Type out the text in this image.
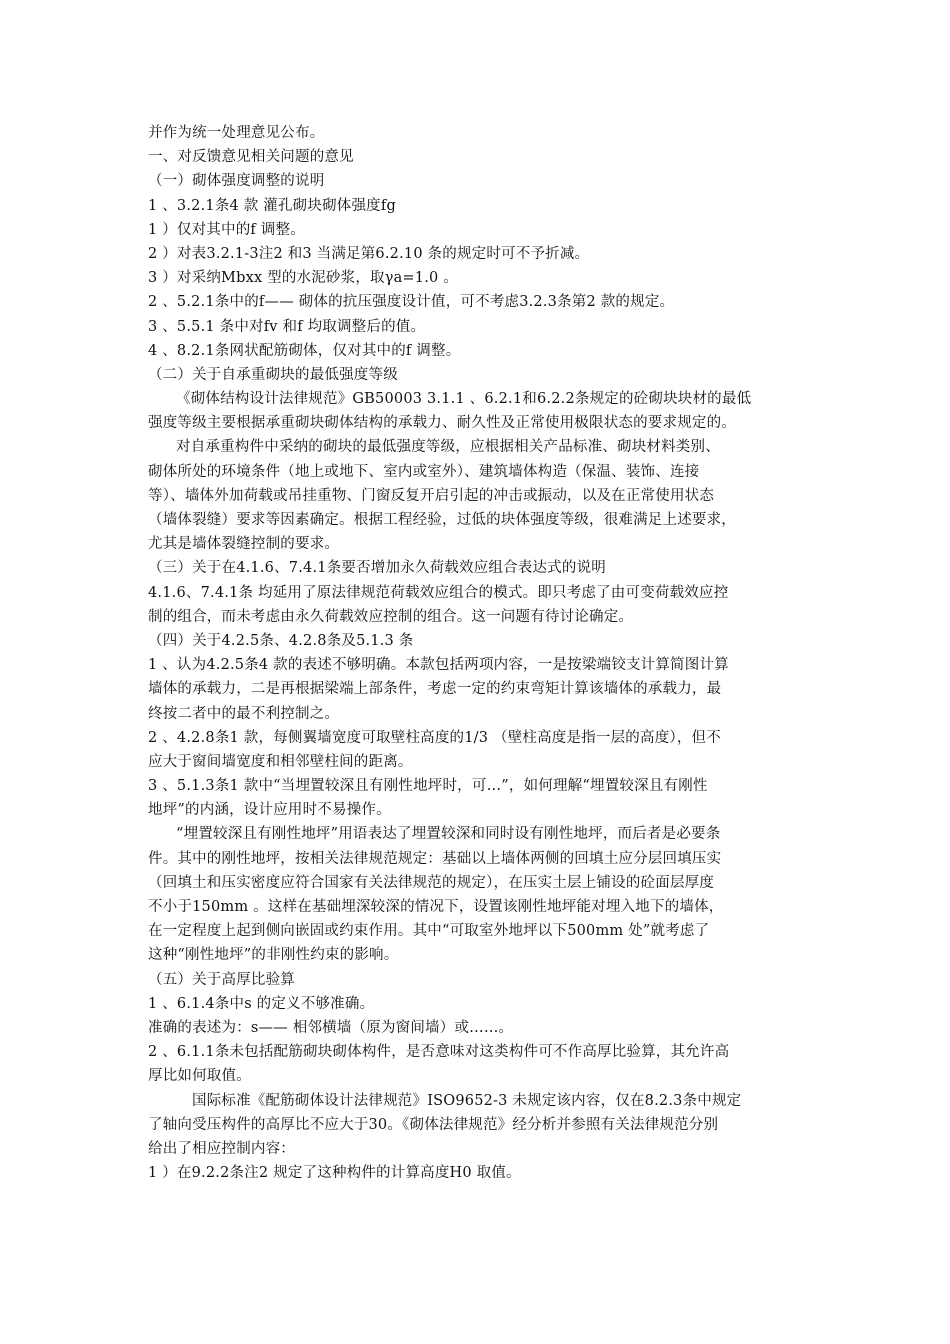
并作为统一处理意见公布。
一、对反馈意见相关问题的意见
（一）砌体强度调整的说明
1 、3.2.1条4 款 灌孔砌块砌体强度fg
1 ）仅对其中的f 调整。
2 ）对表3.2.1-3注2 和3 当满足第6.2.10 条的规定时可不予折减。
3 ）对采纳Mbxx 型的水泥砂浆，取γa=1.0 。
2 、5.2.1条中的f—— 砌体的抗压强度设计值，可不考虑3.2.3条第2 款的规定。
3 、5.5.1 条中对fv 和f 均取调整后的值。
4 、8.2.1条网状配筋砌体，仅对其中的f 调整。
（二）关于自承重砌块的最低强度等级
《砌体结构设计法律规范》GB50003 3.1.1 、6.2.1和6.2.2条规定的砼砌块块材的最低
强度等级主要根据承重砌块砌体结构的承载力、耐久性及正常使用极限状态的要求规定的。
对自承重构件中采纳的砌块的最低强度等级，应根据相关产品标准、砌块材料类别、
砌体所处的环境条件（地上或地下、室内或室外）、建筑墙体构造（保温、装饰、连接
等）、墙体外加荷载或吊挂重物、门窗反复开启引起的冲击或振动，以及在正常使用状态
（墙体裂缝）要求等因素确定。根据工程经验，过低的块体强度等级，很难满足上述要求，
尤其是墙体裂缝控制的要求。
（三）关于在4.1.6、7.4.1条要否增加永久荷载效应组合表达式的说明
4.1.6、7.4.1条 均延用了原法律规范荷载效应组合的模式。即只考虑了由可变荷载效应控
制的组合，而未考虑由永久荷载效应控制的组合。这一问题有待讨论确定。
（四）关于4.2.5条、4.2.8条及5.1.3 条
1 、认为4.2.5条4 款的表述不够明确。本款包括两项内容，一是按梁端铰支计算简图计算
墙体的承载力，二是再根据梁端上部条件，考虑一定的约束弯矩计算该墙体的承载力，最
终按二者中的最不利控制之。
2 、4.2.8条1 款，每侧翼墙宽度可取壁柱高度的1/3 （壁柱高度是指一层的高度），但不
应大于窗间墙宽度和相邻壁柱间的距离。
3 、5.1.3条1 款中“当埋置较深且有刚性地坪时，可…”，如何理解“埋置较深且有刚性
地坪”的内涵，设计应用时不易操作。
“埋置较深且有刚性地坪”用语表达了埋置较深和同时设有刚性地坪，而后者是必要条
件。其中的刚性地坪，按相关法律规范规定：基础以上墙体两侧的回填土应分层回填压实
（回填土和压实密度应符合国家有关法律规范的规定），在压实土层上铺设的砼面层厚度
不小于150mm 。这样在基础埋深较深的情况下，设置该刚性地坪能对埋入地下的墙体，
在一定程度上起到侧向嵌固或约束作用。其中“可取室外地坪以下500mm 处”就考虑了
这种“刚性地坪”的非刚性约束的影响。
（五）关于高厚比验算
1 、6.1.4条中s 的定义不够准确。
准确的表述为：s—— 相邻横墙（原为窗间墙）或……。
2 、6.1.1条未包括配筋砌块砌体构件，是否意味对这类构件可不作高厚比验算，其允许高
厚比如何取值。
国际标准《配筋砌体设计法律规范》ISO9652-3 未规定该内容，仅在8.2.3条中规定
了轴向受压构件的高厚比不应大于30。《砌体法律规范》经分析并参照有关法律规范分别
给出了相应控制内容：
1 ）在9.2.2条注2 规定了这种构件的计算高度H0 取值。
